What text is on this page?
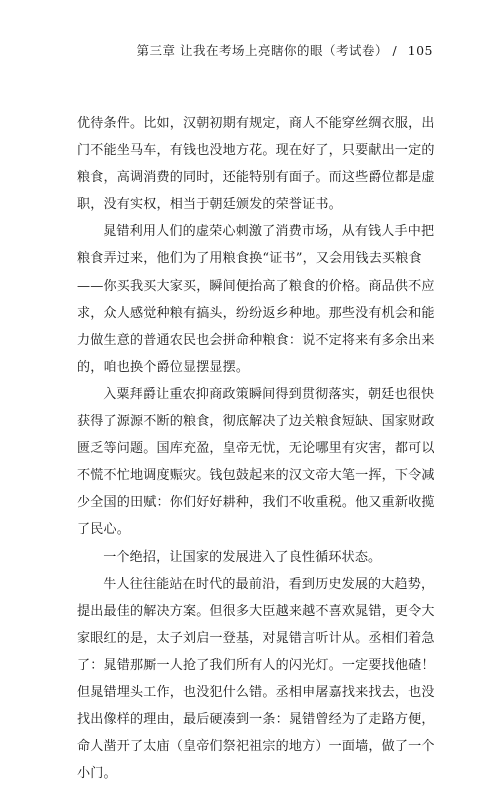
第三章 让我在考场上亮瞎你的眼（考试卷） / 105

优待条件。比如，汉朝初期有规定，商人不能穿丝绸衣服，出门不能坐马车，有钱也没地方花。现在好了，只要献出一定的粮食，高调消费的同时，还能特别有面子。而这些爵位都是虚职，没有实权，相当于朝廷颁发的荣誉证书。

晁错利用人们的虚荣心刺激了消费市场，从有钱人手中把粮食弄过来，他们为了用粮食换“证书”，又会用钱去买粮食——你买我买大家买，瞬间便抬高了粮食的价格。商品供不应求，众人感觉种粮有搞头，纷纷返乡种地。那些没有机会和能力做生意的普通农民也会拼命种粮食：说不定将来有多余出来的，咱也换个爵位显摆显摆。

入粟拜爵让重农抑商政策瞬间得到贯彻落实，朝廷也很快获得了源源不断的粮食，彻底解决了边关粮食短缺、国家财政匮乏等问题。国库充盈，皇帝无忧，无论哪里有灾害，都可以不慌不忙地调度赈灾。钱包鼓起来的汉文帝大笔一挥，下令减少全国的田赋：你们好好耕种，我们不收重税。他又重新收揽了民心。

一个绝招，让国家的发展进入了良性循环状态。

牛人往往能站在时代的最前沿，看到历史发展的大趋势，提出最佳的解决方案。但很多大臣越来越不喜欢晁错，更令大家眼红的是，太子刘启一登基，对晁错言听计从。丞相们着急了：晁错那厮一人抢了我们所有人的闪光灯。一定要找他碴！但晁错埋头工作，也没犯什么错。丞相申屠嘉找来找去，也没找出像样的理由，最后硬凑到一条：晁错曾经为了走路方便，命人凿开了太庙（皇帝们祭祀祖宗的地方）一面墙，做了一个小门。
